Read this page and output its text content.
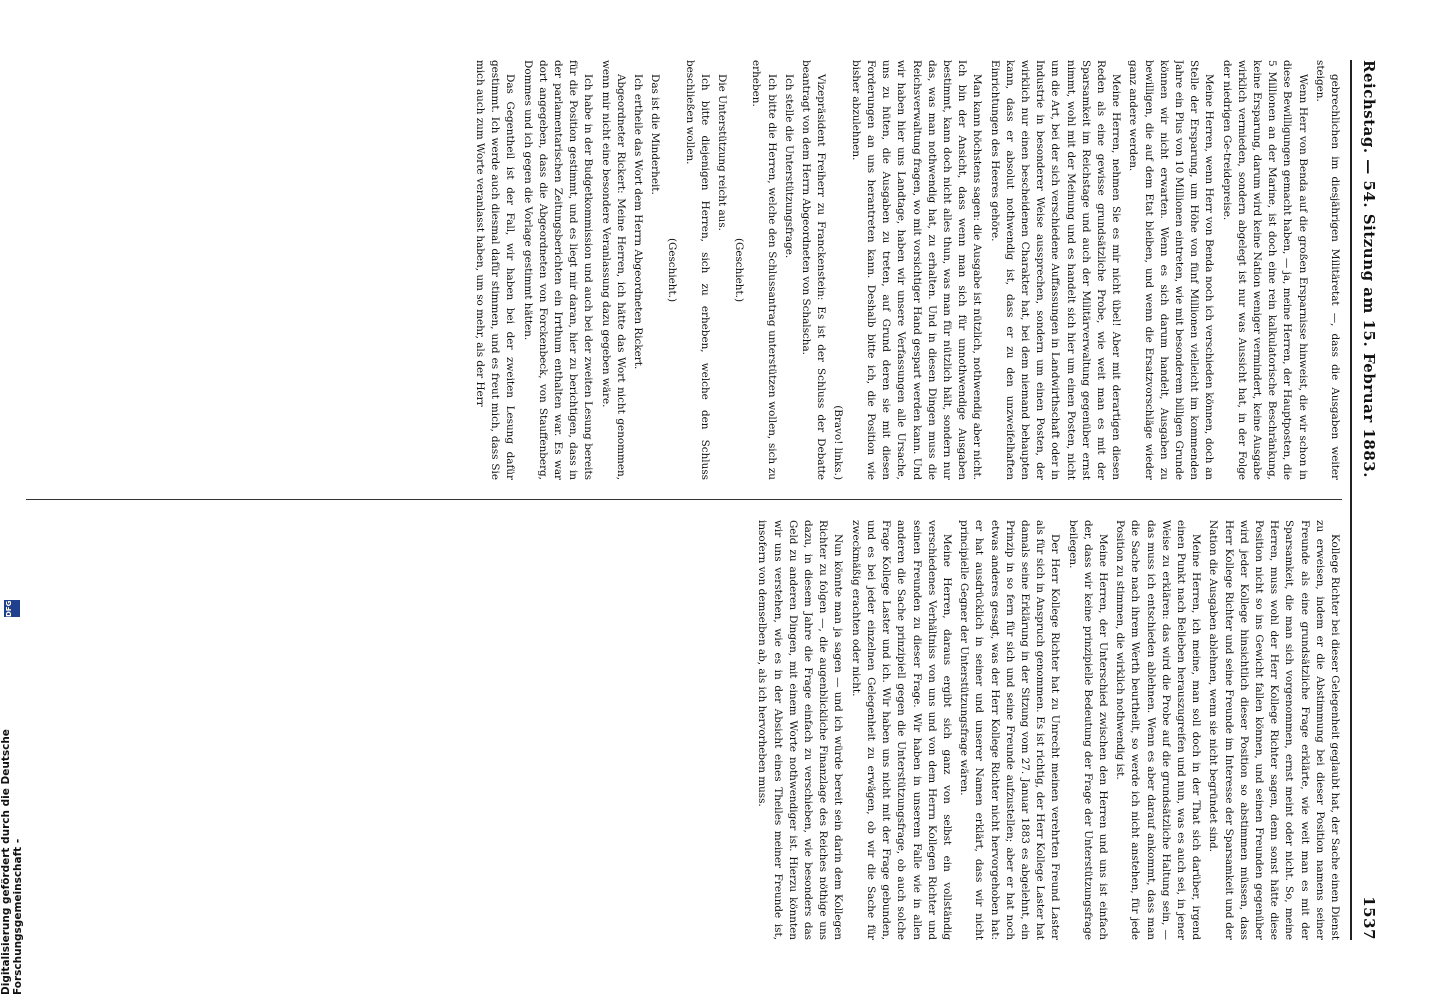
Reichstag. — 54. Sitzung am 15. Februar 1883.
1537

gebrechlichen im diesjährigen Militäretat —, dass die Ausgaben weiter steigen.

Wenn Herr von Benda auf die großen Ersparnisse hinweist, die wir schon in diese Bewilligungen gemacht haben, — ja, meine Herren, der Hauptposten, die 5 Millionen an der Marine, ist doch eine rein kalkulatorische Beschränkung, keine Ersparung, darum wird keine Nation weniger vermindert, keine Ausgabe wirklich vermieden, sondern abgelegt ist nur was Aussicht hat, in der Folge der niedrigen Ge-treidepreise.

Meine Herren, wenn Herr von Benda noch ich verschieden können, doch an Stelle der Ersparung, um Höhe von fünf Millionen vielleicht im kommenden Jahre ein Plus von 10 Millionen eintreten, wie mit besonderem billigen Grunde können wir nicht erwarten. Wenn es sich darum handelt, Ausgaben zu bewilligen, die auf dem Etat bleiben, und wenn die Ersatzvorschläge wieder ganz andere werden.

Meine Herren, nehmen Sie es mir nicht übel! Aber mit derartigen diesen Reden als eine gewisse grundsätzliche Probe, wie weit man es mit der Sparsamkeit im Reichstage und auch der Militärverwaltung gegenüber ernst nimmt, wohl mit der Meinung und es handelt sich hier um einen Posten, nicht um die Art, bei der sich verschiedene Auffassungen in Landwirthschaft oder in Industrie in besonderer Weise aussprechen, sondern um einen Posten, der wirklich nur einen bescheidenen Charakter hat, bei dem niemand behaupten kann, dass er absolut nothwendig ist, dass er zu den unzweifelhaften Einrichtungen des Heeres gehöre.

Man kann höchstens sagen: die Ausgabe ist nützlich, nothwendig aber nicht. Ich bin der Ansicht, dass wenn man sich für unnothwendige Ausgaben bestimmt, kann doch nicht alles thun, was man für nützlich hält, sondern nur das, was man nothwendig hat, zu erhalten. Und in diesen Dingen muss die Reichsverwaltung fragen, wo mit vorsichtiger Hand gespart werden kann. Und wir haben hier uns Landtage, haben wir unsere Verfassungen alle Ursache, uns zu hüten, die Ausgaben zu treten, auf Grund deren sie mit diesen Forderungen an uns herantreten kann. Deshalb bitte ich, die Position wie bisher abzulehnen.

(Bravo! links.)

Vizepräsident Freiherr zu Franckenstein: Es ist der Schluss der Debatte beantragt von dem Herrn Abgeordneten von Schalscha.

Ich stelle die Unterstützungsfrage.

Ich bitte die Herren, welche den Schlussantrag unterstützen wollen, sich zu erheben.

(Geschieht.)

Die Unterstützung reicht aus.

Ich bitte diejenigen Herren, sich zu erheben, welche den Schluss beschließen wollen.

(Geschieht.)

Das ist die Minderheit.

Ich ertheile das Wort dem Herrn Abgeordneten Rickert.

Abgeordneter Rickert: Meine Herren, ich hätte das Wort nicht genommen, wenn mir nicht eine besondere Veranlassung dazu gegeben wäre.

Ich habe in der Budgetkommission und auch bei der zweiten Lesung bereits für die Position gestimmt, und es liegt mir daran, hier zu berichtigen, dass in der parlamentarischen Zeitungsberichten ein Irrthum enthalten war. Es war dort angegeben, dass die Abgeordneten von Forckenbeck, von Stauffenberg, Dommes und ich gegen die Vorlage gestimmt hätten.

Das Gegentheil ist der Fall, wir haben bei der zweiten Lesung dafür gestimmt. Ich werde auch diesmal dafür stimmen, und es freut mich, dass Sie mich auch zum Worte veranlasst haben, um so mehr, als der Herr

Kollege Richter bei dieser Gelegenheit geglaubt hat, der Sache einen Dienst zu erweisen, indem er die Abstimmung bei dieser Position namens seiner Freunde als eine grundsätzliche Frage erklärte, wie weit man es mit der Sparsamkeit, die man sich vorgenommen, ernst meint oder nicht. So, meine Herren, muss wohl der Herr Kollege Richter sagen, denn sonst hätte diese Position nicht so ins Gewicht fallen können, und seinen Freunden gegenüber wird jeder Kollege hinsichtlich dieser Position so abstimmen müssen, dass Herr Kollege Richter und seine Freunde im Interesse der Sparsamkeit und der Nation die Ausgaben ablehnen, wenn sie nicht begründet sind.

Meine Herren, ich meine, man soll doch in der That sich darüber, irgend einen Punkt nach Belieben herauszugreifen und nun, was es auch sei, in jener Weise zu erklären: das wird die Probe auf die grundsätzliche Haltung sein, — das muss ich entschieden ablehnen. Wenn es aber darauf ankommt, dass man die Sache nach ihrem Werth beurtheilt, so werde ich nicht anstehen, für jede Position zu stimmen, die wirklich nothwendig ist.

Meine Herren, der Unterschied zwischen den Herren und uns ist einfach der, dass wir keine prinzipielle Bedeutung der Frage der Unterstützungsfrage beilegen.

Der Herr Kollege Richter hat zu Unrecht meinen verehrten Freund Laster als für sich in Anspruch genommen. Es ist richtig, der Herr Kollege Laster hat damals seine Erklärung in der Sitzung vom 27. Januar 1883 es abgelehnt, ein Prinzip in so fern für sich und seine Freunde aufzustellen; aber er hat noch etwas anderes gesagt, was der Herr Kollege Richter nicht hervorgehoben hat: er hat ausdrücklich in seiner und unserer Namen erklärt, dass wir nicht principielle Gegner der Unterstützungsfrage wären.

Meine Herren, daraus ergibt sich ganz von selbst ein vollständig verschiedenes Verhältniss von uns und von dem Herrn Kollegen Richter und seinen Freunden zu dieser Frage. Wir haben in unserem Falle wie in allen anderen die Sache prinzipiell gegen die Unterstützungsfrage, ob auch solche Frage Kollege Laster und ich. Wir haben uns nicht mit der Frage gebunden, und es bei jeder einzelnen Gelegenheit zu erwägen, ob wir die Sache für zweckmäßig erachten oder nicht.

Nun könnte man ja sagen — und ich würde bereit sein darin dem Kollegen Richter zu folgen —, die augenblickliche Finanzlage des Reiches nöthige uns dazu, in diesem Jahre die Frage einfach zu verschieben, wie besonders das Geld zu anderen Dingen, mit einem Worte nothwendiger ist. Hierzu könnten wir uns verstehen, wie es in der Absicht eines Theiles meiner Freunde ist, insofern von demselben ab, als ich hervorheben muss.

Digitalisierung gefördert durch die Deutsche Forschungsgemeinschaft -
DFG
